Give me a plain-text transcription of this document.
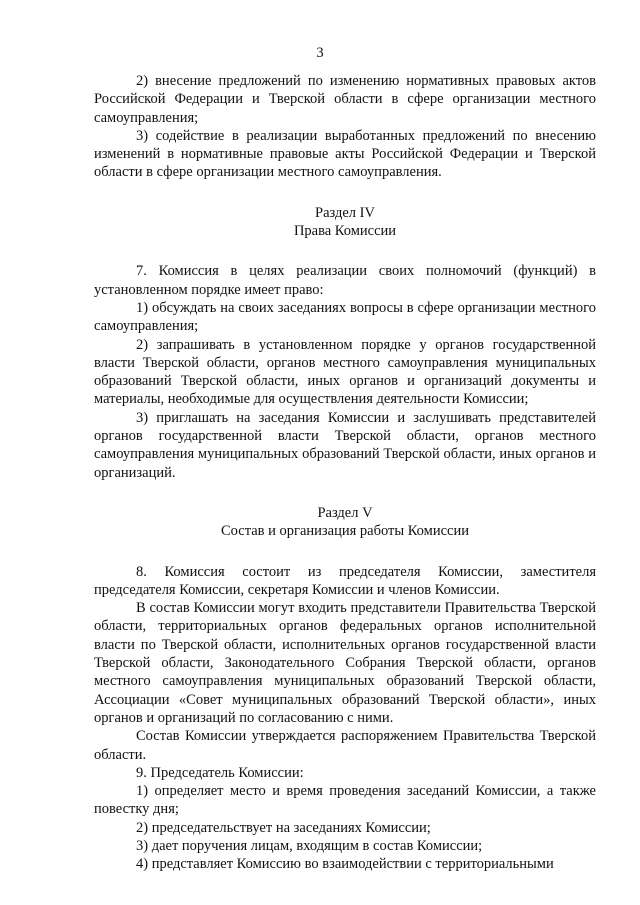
3

2) внесение предложений по изменению нормативных правовых актов Российской Федерации и Тверской области в сфере организации местного самоуправления;

3) содействие в реализации выработанных предложений по внесению изменений в нормативные правовые акты Российской Федерации и Тверской области в сфере организации местного самоуправления.

Раздел IV

Права Комиссии

7. Комиссия в целях реализации своих полномочий (функций) в установленном порядке имеет право:

1) обсуждать на своих заседаниях вопросы в сфере организации местного самоуправления;

2) запрашивать в установленном порядке у органов государственной власти Тверской области, органов местного самоуправления муниципальных образований Тверской области, иных органов и организаций документы и материалы, необходимые для осуществления деятельности Комиссии;

3) приглашать на заседания Комиссии и заслушивать представителей органов государственной власти Тверской области, органов местного самоуправления муниципальных образований Тверской области, иных органов и организаций.

Раздел V

Состав и организация работы Комиссии

8. Комиссия состоит из председателя Комиссии, заместителя председателя Комиссии, секретаря Комиссии и членов Комиссии.

В состав Комиссии могут входить представители Правительства Тверской области, территориальных органов федеральных органов исполнительной власти по Тверской области, исполнительных органов государственной власти Тверской области, Законодательного Собрания Тверской области, органов местного самоуправления муниципальных образований Тверской области, Ассоциации «Совет муниципальных образований Тверской области», иных органов и организаций по согласованию с ними.

Состав Комиссии утверждается распоряжением Правительства Тверской области.

9. Председатель Комиссии:

1) определяет место и время проведения заседаний Комиссии, а также повестку дня;

2) председательствует на заседаниях Комиссии;

3) дает поручения лицам, входящим в состав Комиссии;

4) представляет Комиссию во взаимодействии с территориальными
